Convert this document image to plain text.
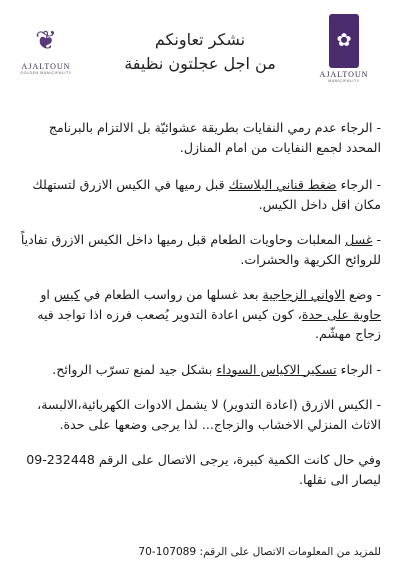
❦
AJALTOUN
GOLDEN MUNICIPALITY
نشكر تعاونكم
من اجل عجلتون نظيفة
✿
AJALTOUN
MUNICIPALITY
- الرجاء عدم رمي النفايات بطريقة عشوائيّة بل الالتزام بالبرنامج المحدد لجمع النفايات من امام المنازل.
- الرجاء ضغط قناني البلاستك قبل رميها في الكيس الازرق لتستهلك مكان اقل داخل الكيس.
- غسل المعلبات وحاويات الطعام قبل رميها داخل الكيس الازرق تفادياً للروائح الكريهة والحشرات.
- وضع الاواني الزجاجية بعد غسلها من رواسب الطعام في كيس او حاوية على حدة، كون كيس اعادة التدوير يُصعب فرزه اذا تواجد فيه زجاج مهشّم.
- الرجاء تسكير الاكياس السوداء بشكل جيد لمنع تسرّب الروائح.
- الكيس الازرق (اعادة التدوير) لا يشمل الادوات الكهربائية،الالبسة، الاثاث المنزلي الاخشاب والزجاج... لذا يرجى وضعها على حدة.
وفي حال كانت الكمية كبيرة، يرجى الاتصال على الرقم 232448-09 ليصار الى نقلها.
للمزيد من المعلومات الاتصال على الرقم: 107089-70
